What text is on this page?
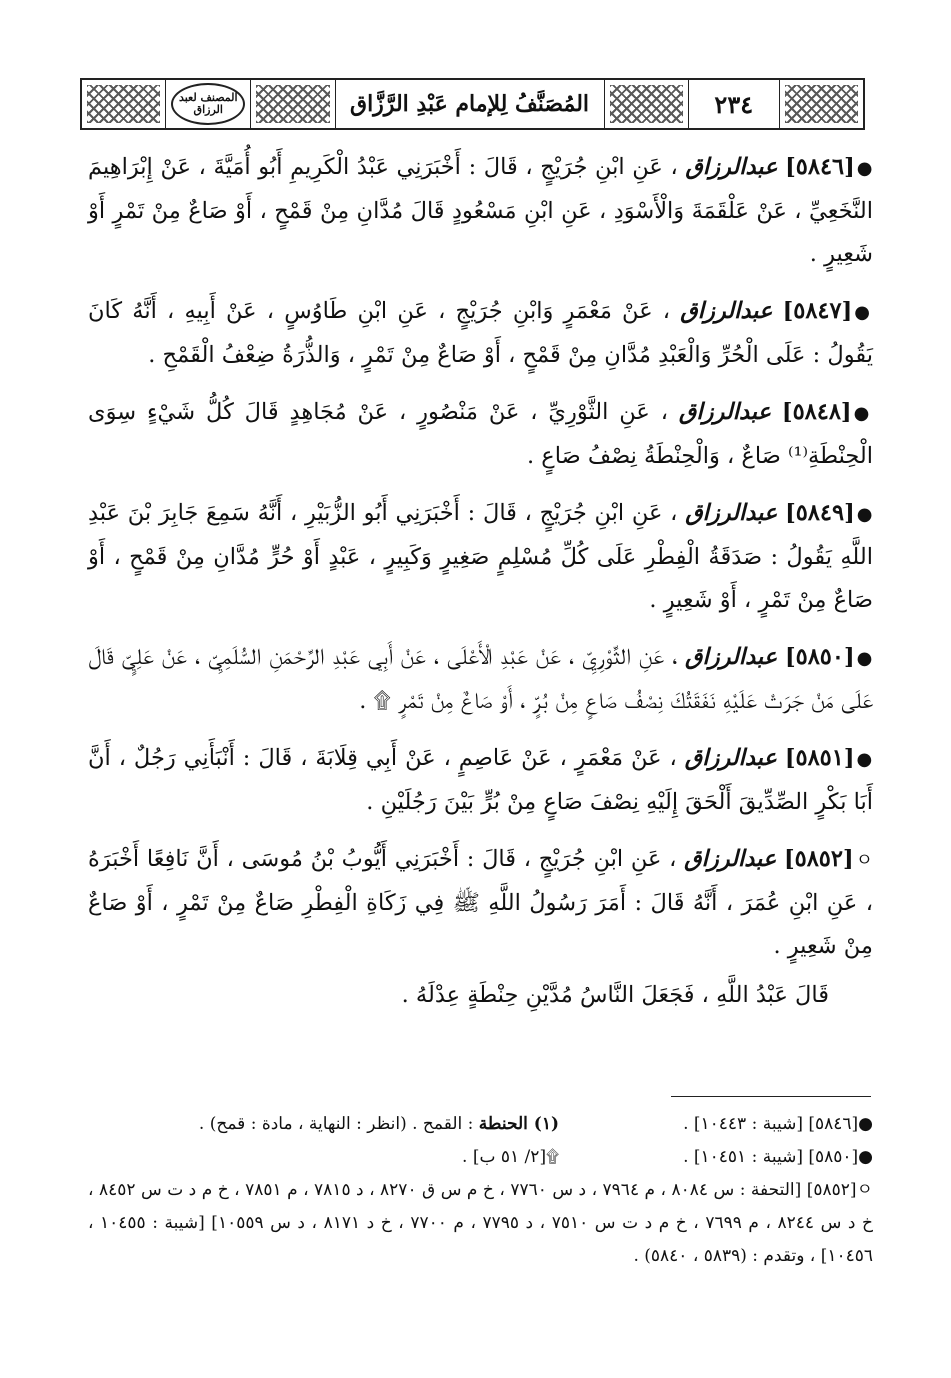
٢٣٤
المُصَنَّفُ لِلإمام عَبْدِ الرَّزَّاق
المصنف لعبد الرزاق

●[٥٨٤٦] عبدالرزاق ، عَنِ ابْنِ جُرَيْجٍ ، قَالَ : أَخْبَرَنِي عَبْدُ الْكَرِيمِ أَبُو أُمَيَّةَ ، عَنْ إِبْرَاهِيمَ النَّخَعِيِّ ، عَنْ عَلْقَمَةَ وَالْأَسْوَدِ ، عَنِ ابْنِ مَسْعُودٍ قَالَ مُدَّانِ مِنْ قَمْحٍ ، أَوْ صَاعٌ مِنْ تَمْرٍ أَوْ شَعِيرٍ .

●[٥٨٤٧] عبدالرزاق ، عَنْ مَعْمَرٍ وَابْنِ جُرَيْجٍ ، عَنِ ابْنِ طَاوُسٍ ، عَنْ أَبِيهِ ، أَنَّهُ كَانَ يَقُولُ : عَلَى الْحُرِّ وَالْعَبْدِ مُدَّانِ مِنْ قَمْحٍ ، أَوْ صَاعٌ مِنْ تَمْرٍ ، وَالذُّرَةُ ضِعْفُ الْقَمْحِ .

●[٥٨٤٨] عبدالرزاق ، عَنِ الثَّوْرِيِّ ، عَنْ مَنْصُورٍ ، عَنْ مُجَاهِدٍ قَالَ كُلُّ شَيْءٍ سِوَى الْحِنْطَةِ⁽¹⁾ صَاعٌ ، وَالْحِنْطَةُ نِصْفُ صَاعٍ .

●[٥٨٤٩] عبدالرزاق ، عَنِ ابْنِ جُرَيْجٍ ، قَالَ : أَخْبَرَنِي أَبُو الزُّبَيْرِ ، أَنَّهُ سَمِعَ جَابِرَ بْنَ عَبْدِ اللَّهِ يَقُولُ : صَدَقَةُ الْفِطْرِ عَلَى كُلِّ مُسْلِمٍ صَغِيرٍ وَكَبِيرٍ ، عَبْدٍ أَوْ حُرٍّ مُدَّانِ مِنْ قَمْحٍ ، أَوْ صَاعٌ مِنْ تَمْرٍ ، أَوْ شَعِيرٍ .

●[٥٨٥٠] عبدالرزاق ، عَنِ الثَّوْرِيِّ ، عَنْ عَبْدِ الْأَعْلَى ، عَنْ أَبِي عَبْدِ الرَّحْمَنِ السُّلَمِيِّ ، عَنْ عَلِيٍّ قَالَ عَلَى مَنْ جَرَتْ عَلَيْهِ نَفَقَتُكَ نِصْفُ صَاعٍ مِنْ بُرٍّ ، أَوْ صَاعٌ مِنْ تَمْرٍ ۩ .

●[٥٨٥١] عبدالرزاق ، عَنْ مَعْمَرٍ ، عَنْ عَاصِمٍ ، عَنْ أَبِي قِلَابَةَ ، قَالَ : أَنْبَأَنِي رَجُلٌ ، أَنَّ أَبَا بَكْرٍ الصِّدِّيقَ أَلْحَقَ إِلَيْهِ نِصْفَ صَاعٍ مِنْ بُرٍّ بَيْنَ رَجُلَيْنِ .

ㅇ[٥٨٥٢] عبدالرزاق ، عَنِ ابْنِ جُرَيْجٍ ، قَالَ : أَخْبَرَنِي أَيُّوبُ بْنُ مُوسَى ، أَنَّ نَافِعًا أَخْبَرَهُ ، عَنِ ابْنِ عُمَرَ ، أَنَّهُ قَالَ : أَمَرَ رَسُولُ اللَّهِ ﷺ فِي زَكَاةِ الْفِطْرِ صَاعٌ مِنْ تَمْرٍ ، أَوْ صَاعٌ مِنْ شَعِيرٍ .

قَالَ عَبْدُ اللَّهِ ، فَجَعَلَ النَّاسُ مُدَّيْنِ حِنْطَةٍ عِدْلَهُ .

●[٥٨٤٦] [شيبة : ١٠٤٤٣] .
(١) الحنطة : القمح . (انظر : النهاية ، مادة : قمح) .
●[٥٨٥٠] [شيبة : ١٠٤٥١] .
۩[٢/ ٥١ ب] .
ㅇ[٥٨٥٢] [التحفة : س ٨٠٨٤ ، م ٧٩٦٤ ، د س ٧٧٦٠ ، خ م س ق ٨٢٧٠ ، د ٧٨١٥ ، م ٧٨٥١ ، خ م د ت س ٨٤٥٢ ، خ د س ٨٢٤٤ ، م ٧٦٩٩ ، خ م د ت س ٧٥١٠ ، د ٧٧٩٥ ، م ٧٧٠٠ ، خ د ٨١٧١ ، د س ١٠٥٥٩] [شيبة : ١٠٤٥٥ ، ١٠٤٥٦] ، وتقدم : (٥٨٣٩ ، ٥٨٤٠) .
